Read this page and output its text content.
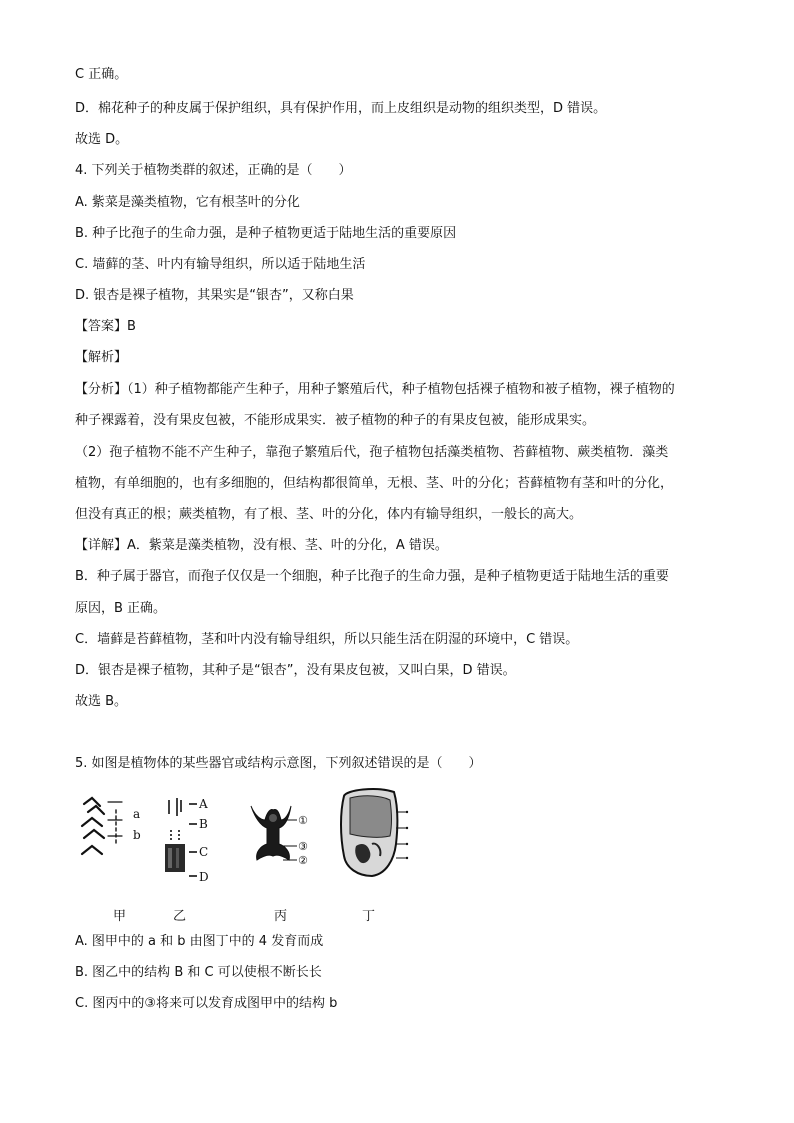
C 正确。
D．棉花种子的种皮属于保护组织，具有保护作用，而上皮组织是动物的组织类型，D 错误。
故选 D。
4. 下列关于植物类群的叙述，正确的是（　　）
A. 紫菜是藻类植物，它有根茎叶的分化
B. 种子比孢子的生命力强，是种子植物更适于陆地生活的重要原因
C. 墙藓的茎、叶内有输导组织，所以适于陆地生活
D. 银杏是裸子植物，其果实是“银杏”，又称白果
【答案】B
【解析】
【分析】（1）种子植物都能产生种子，用种子繁殖后代，种子植物包括裸子植物和被子植物，裸子植物的
种子裸露着，没有果皮包被，不能形成果实．被子植物的种子的有果皮包被，能形成果实。
（2）孢子植物不能不产生种子，靠孢子繁殖后代，孢子植物包括藻类植物、苔藓植物、蕨类植物．藻类
植物，有单细胞的，也有多细胞的，但结构都很简单，无根、茎、叶的分化；苔藓植物有茎和叶的分化，
但没有真正的根；蕨类植物，有了根、茎、叶的分化，体内有输导组织，一般长的高大。
【详解】A．紫菜是藻类植物，没有根、茎、叶的分化，A 错误。
B．种子属于器官，而孢子仅仅是一个细胞，种子比孢子的生命力强，是种子植物更适于陆地生活的重要
原因，B 正确。
C．墙藓是苔藓植物，茎和叶内没有输导组织，所以只能生活在阴湿的环境中，C 错误。
D．银杏是裸子植物，其种子是“银杏”，没有果皮包被，又叫白果，D 错误。
故选 B。
5. 如图是植物体的某些器官或结构示意图，下列叙述错误的是（　　）
a
b
A
B
C
D
①
③
②
甲	乙	丙	丁
A. 图甲中的 a 和 b 由图丁中的 4 发育而成
B. 图乙中的结构 B 和 C 可以使根不断长长
C. 图丙中的③将来可以发育成图甲中的结构 b
